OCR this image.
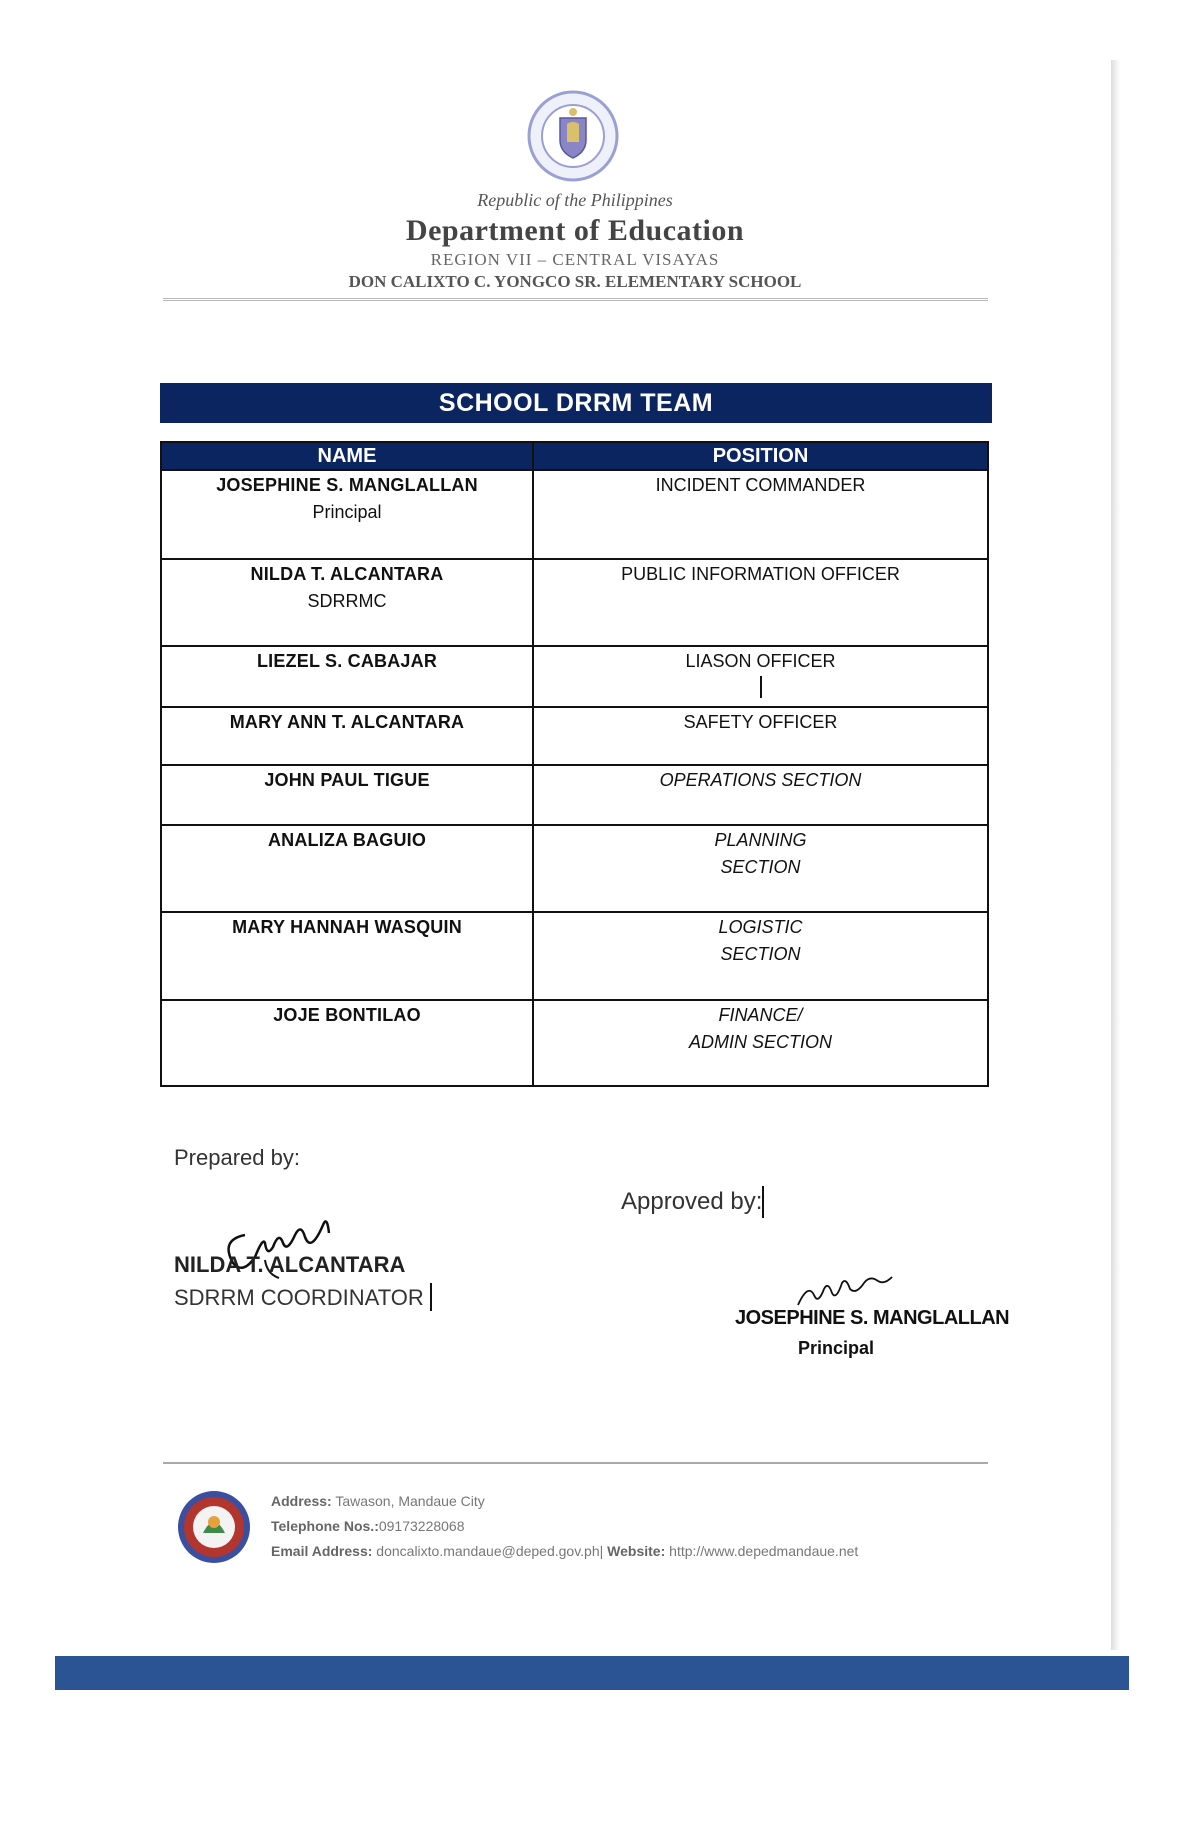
Republic of the Philippines
Department of Education
REGION VII – CENTRAL VISAYAS
DON CALIXTO C. YONGCO SR. ELEMENTARY SCHOOL
SCHOOL DRRM TEAM
NAME	POSITION

JOSEPHINE S. MANGLALLAN
Principal	INCIDENT COMMANDER

NILDA T. ALCANTARA
SDRRMC	PUBLIC INFORMATION OFFICER

LIEZEL S. CABAJAR	LIASON OFFICER

MARY ANN T. ALCANTARA	SAFETY OFFICER

JOHN PAUL TIGUE	OPERATIONS SECTION

ANALIZA BAGUIO	PLANNING
SECTION

MARY HANNAH WASQUIN	LOGISTIC
SECTION

JOJE BONTILAO	FINANCE/
ADMIN SECTION
Prepared by:
NILDA T. ALCANTARA
SDRRM COORDINATOR
Approved by:
JOSEPHINE S. MANGLALLAN
Principal
Address: Tawason, Mandaue City
Telephone Nos.:09173228068
Email Address: doncalixto.mandaue@deped.gov.ph| Website: http://www.depedmandaue.net
